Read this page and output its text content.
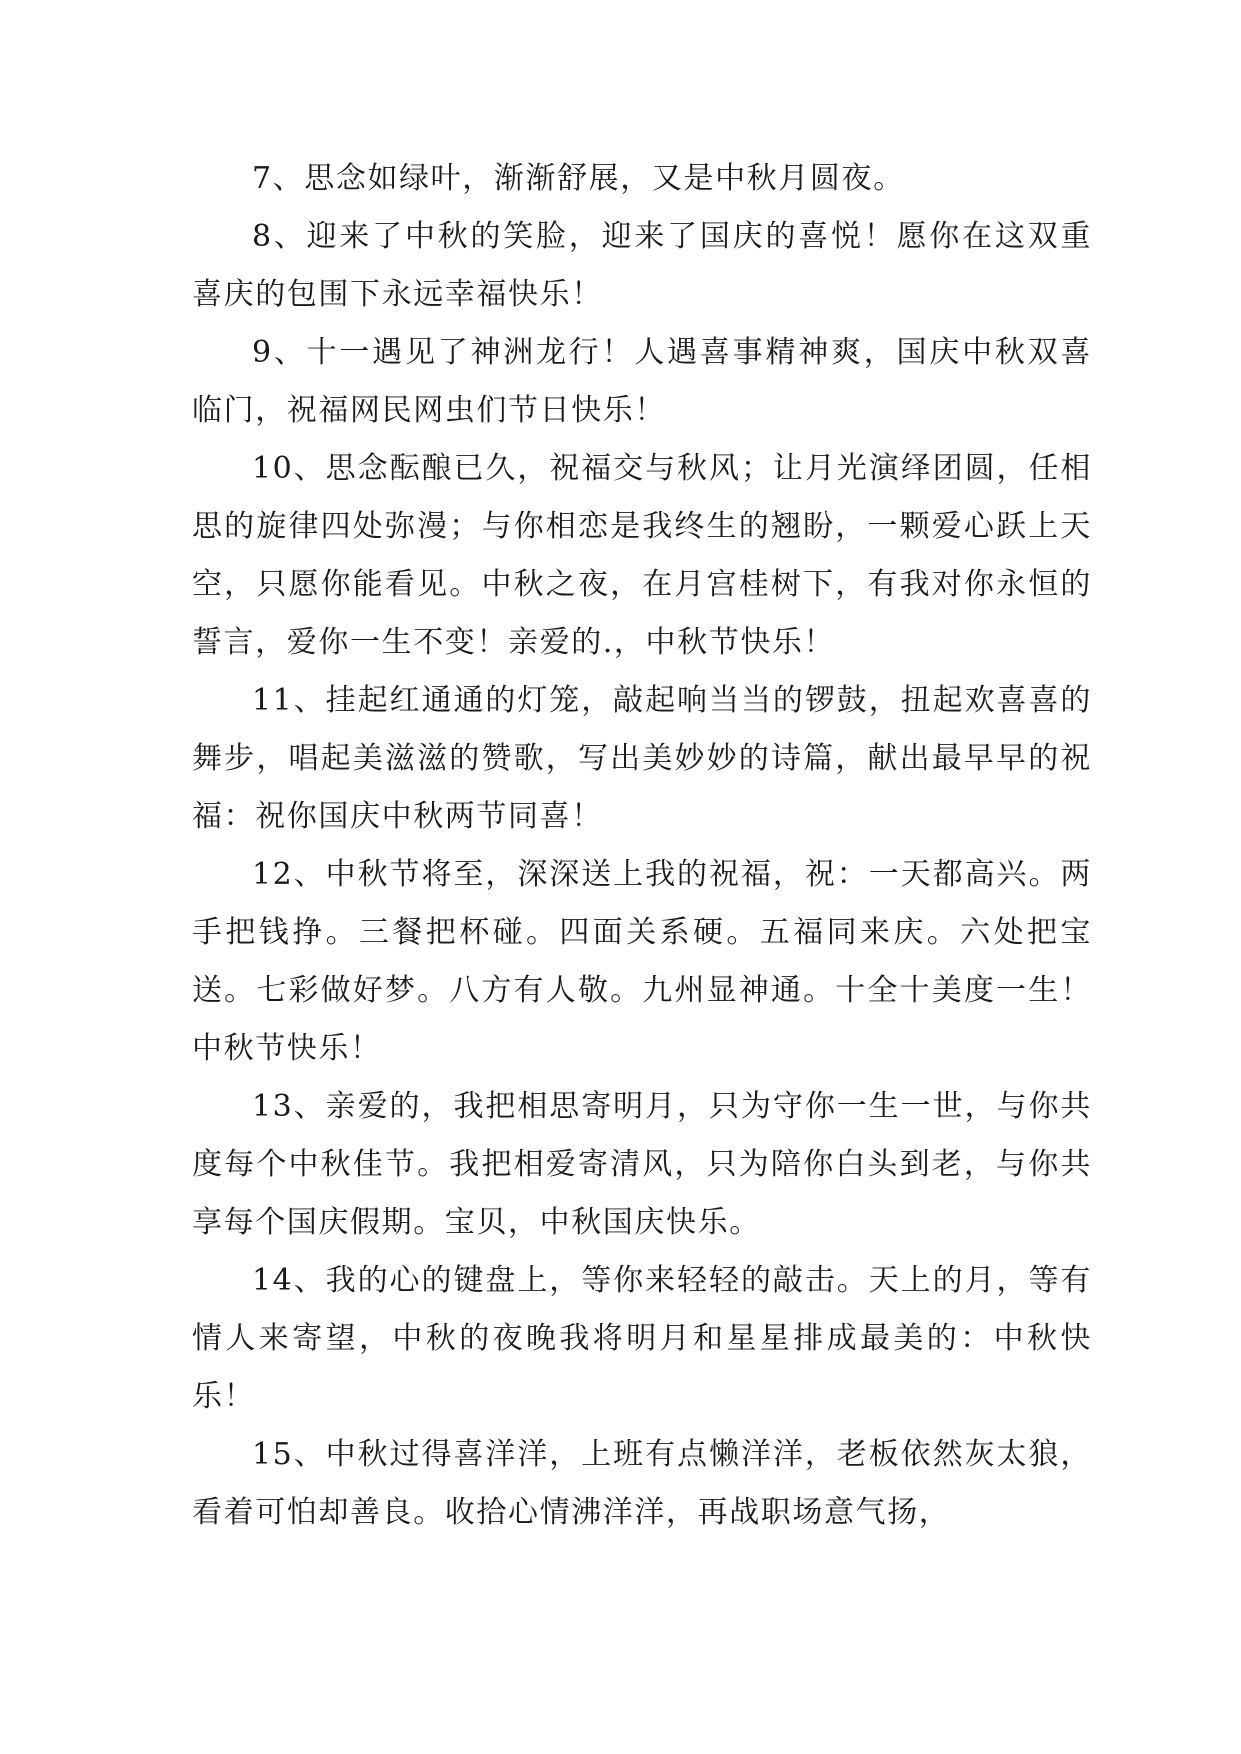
7、思念如绿叶，渐渐舒展，又是中秋月圆夜。

8、迎来了中秋的笑脸，迎来了国庆的喜悦！愿你在这双重喜庆的包围下永远幸福快乐！

9、十一遇见了神洲龙行！人遇喜事精神爽，国庆中秋双喜临门，祝福网民网虫们节日快乐！

10、思念酝酿已久，祝福交与秋风；让月光演绎团圆，任相思的旋律四处弥漫；与你相恋是我终生的翘盼，一颗爱心跃上天空，只愿你能看见。中秋之夜，在月宫桂树下，有我对你永恒的誓言，爱你一生不变！亲爱的.，中秋节快乐！

11、挂起红通通的灯笼，敲起响当当的锣鼓，扭起欢喜喜的舞步，唱起美滋滋的赞歌，写出美妙妙的诗篇，献出最早早的祝福：祝你国庆中秋两节同喜！

12、中秋节将至，深深送上我的祝福，祝：一天都高兴。两手把钱挣。三餐把杯碰。四面关系硬。五福同来庆。六处把宝送。七彩做好梦。八方有人敬。九州显神通。十全十美度一生！中秋节快乐！

13、亲爱的，我把相思寄明月，只为守你一生一世，与你共度每个中秋佳节。我把相爱寄清风，只为陪你白头到老，与你共享每个国庆假期。宝贝，中秋国庆快乐。

14、我的心的键盘上，等你来轻轻的敲击。天上的月，等有情人来寄望，中秋的夜晚我将明月和星星排成最美的：中秋快乐！

15、中秋过得喜洋洋，上班有点懒洋洋，老板依然灰太狼，看着可怕却善良。收拾心情沸洋洋，再战职场意气扬，
